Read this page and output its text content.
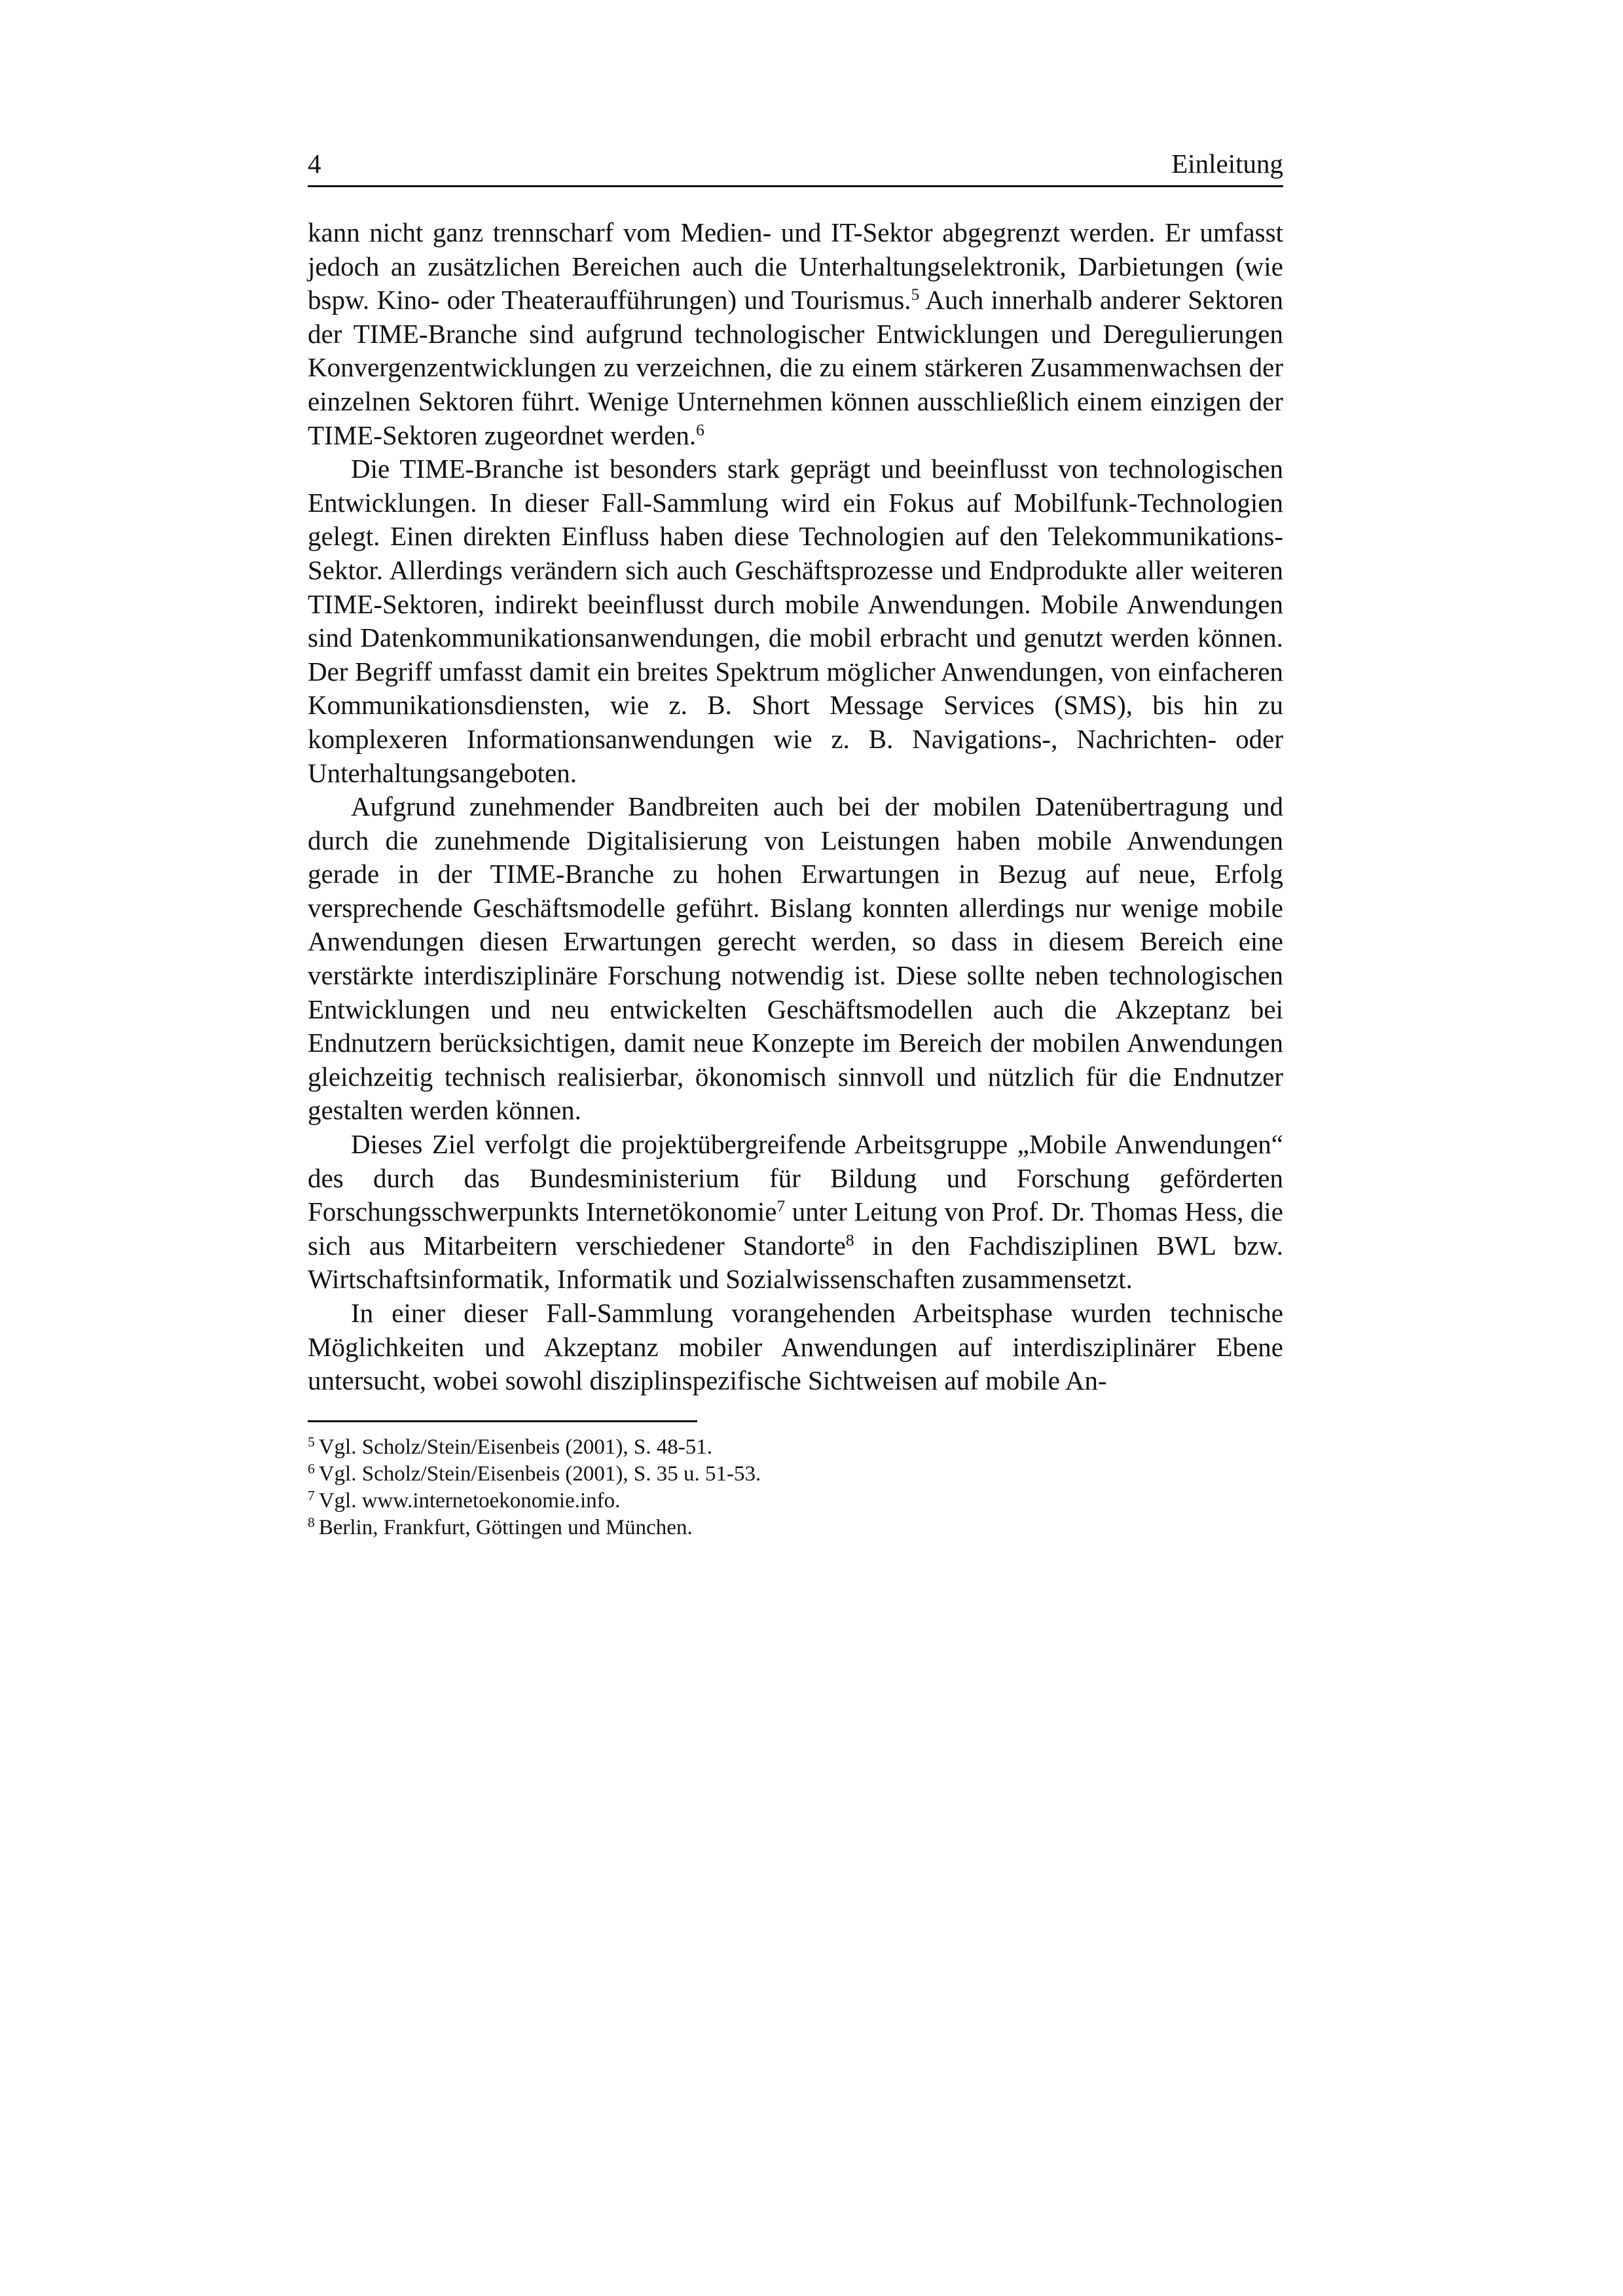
4	Einleitung

kann nicht ganz trennscharf vom Medien- und IT-Sektor abgegrenzt werden. Er umfasst jedoch an zusätzlichen Bereichen auch die Unterhaltungselektronik, Darbietungen (wie bspw. Kino- oder Theateraufführungen) und Tourismus.$^5$ Auch innerhalb anderer Sektoren der TIME-Branche sind aufgrund technologischer Entwicklungen und Deregulierungen Konvergenzentwicklungen zu verzeichnen, die zu einem stärkeren Zusammenwachsen der einzelnen Sektoren führt. Wenige Unternehmen können ausschließlich einem einzigen der TIME-Sektoren zugeordnet werden.$^6$

Die TIME-Branche ist besonders stark geprägt und beeinflusst von technologischen Entwicklungen. In dieser Fall-Sammlung wird ein Fokus auf Mobilfunk-Technologien gelegt. Einen direkten Einfluss haben diese Technologien auf den Telekommunikations-Sektor. Allerdings verändern sich auch Geschäftsprozesse und Endprodukte aller weiteren TIME-Sektoren, indirekt beeinflusst durch mobile Anwendungen. Mobile Anwendungen sind Datenkommunikationsanwendungen, die mobil erbracht und genutzt werden können. Der Begriff umfasst damit ein breites Spektrum möglicher Anwendungen, von einfacheren Kommunikationsdiensten, wie z. B. Short Message Services (SMS), bis hin zu komplexeren Informationsanwendungen wie z. B. Navigations-, Nachrichten- oder Unterhaltungsangeboten.

Aufgrund zunehmender Bandbreiten auch bei der mobilen Datenübertragung und durch die zunehmende Digitalisierung von Leistungen haben mobile Anwendungen gerade in der TIME-Branche zu hohen Erwartungen in Bezug auf neue, Erfolg versprechende Geschäftsmodelle geführt. Bislang konnten allerdings nur wenige mobile Anwendungen diesen Erwartungen gerecht werden, so dass in diesem Bereich eine verstärkte interdisziplinäre Forschung notwendig ist. Diese sollte neben technologischen Entwicklungen und neu entwickelten Geschäftsmodellen auch die Akzeptanz bei Endnutzern berücksichtigen, damit neue Konzepte im Bereich der mobilen Anwendungen gleichzeitig technisch realisierbar, ökonomisch sinnvoll und nützlich für die Endnutzer gestalten werden können.

Dieses Ziel verfolgt die projektübergreifende Arbeitsgruppe „Mobile Anwendungen“ des durch das Bundesministerium für Bildung und Forschung geförderten Forschungsschwerpunkts Internetökonomie$^7$ unter Leitung von Prof. Dr. Thomas Hess, die sich aus Mitarbeitern verschiedener Standorte$^8$ in den Fachdisziplinen BWL bzw. Wirtschaftsinformatik, Informatik und Sozialwissenschaften zusammensetzt.

In einer dieser Fall-Sammlung vorangehenden Arbeitsphase wurden technische Möglichkeiten und Akzeptanz mobiler Anwendungen auf interdisziplinärer Ebene untersucht, wobei sowohl disziplinspezifische Sichtweisen auf mobile An-

$^5$ Vgl. Scholz/Stein/Eisenbeis (2001), S. 48-51.

$^6$ Vgl. Scholz/Stein/Eisenbeis (2001), S. 35 u. 51-53.

$^7$ Vgl. www.internetoekonomie.info.

$^8$ Berlin, Frankfurt, Göttingen und München.
